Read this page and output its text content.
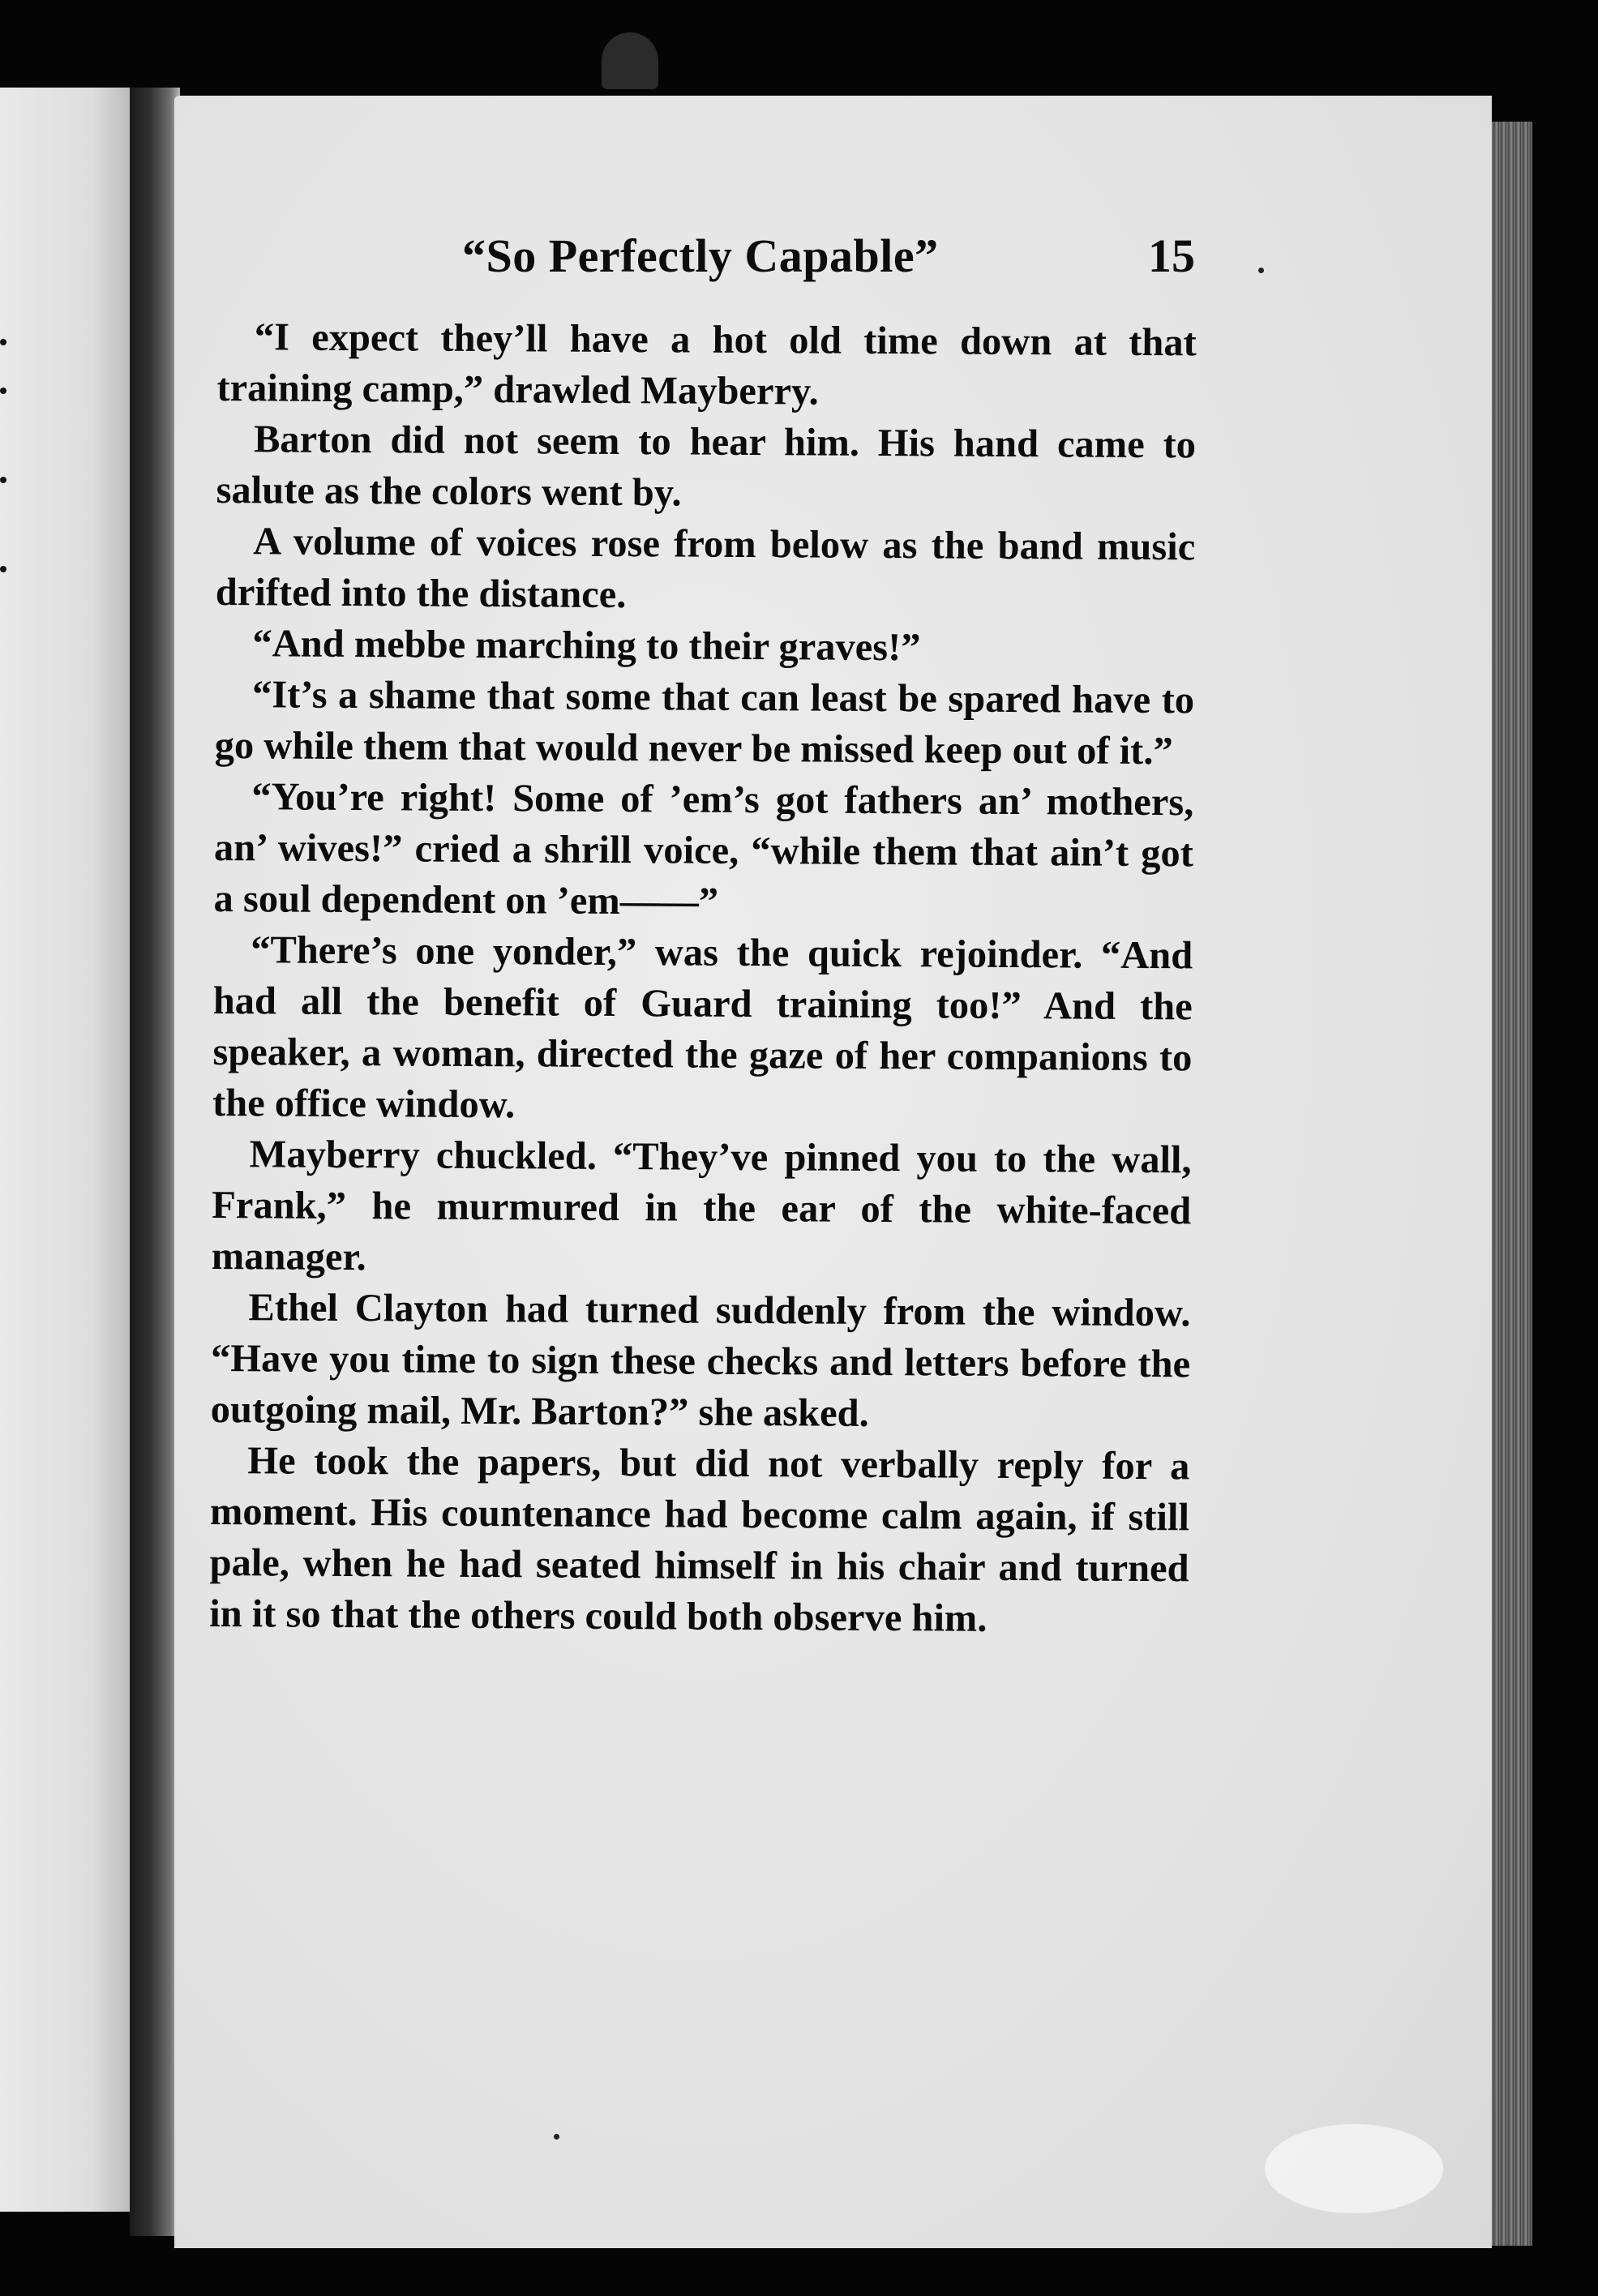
“So Perfectly Capable”	15

“I expect they’ll have a hot old time down at that training camp,” drawled Mayberry.

Barton did not seem to hear him. His hand came to salute as the colors went by.

A volume of voices rose from below as the band music drifted into the distance.

“And mebbe marching to their graves!”

“It’s a shame that some that can least be spared have to go while them that would never be missed keep out of it.”

“You’re right! Some of ’em’s got fathers an’ mothers, an’ wives!” cried a shrill voice, “while them that ain’t got a soul dependent on ’em——”

“There’s one yonder,” was the quick rejoinder. “And had all the benefit of Guard training too!” And the speaker, a woman, directed the gaze of her companions to the office window.

Mayberry chuckled. “They’ve pinned you to the wall, Frank,” he murmured in the ear of the white-faced manager.

Ethel Clayton had turned suddenly from the window. “Have you time to sign these checks and letters before the outgoing mail, Mr. Barton?” she asked.

He took the papers, but did not verbally reply for a moment. His countenance had become calm again, if still pale, when he had seated himself in his chair and turned in it so that the others could both observe him.
